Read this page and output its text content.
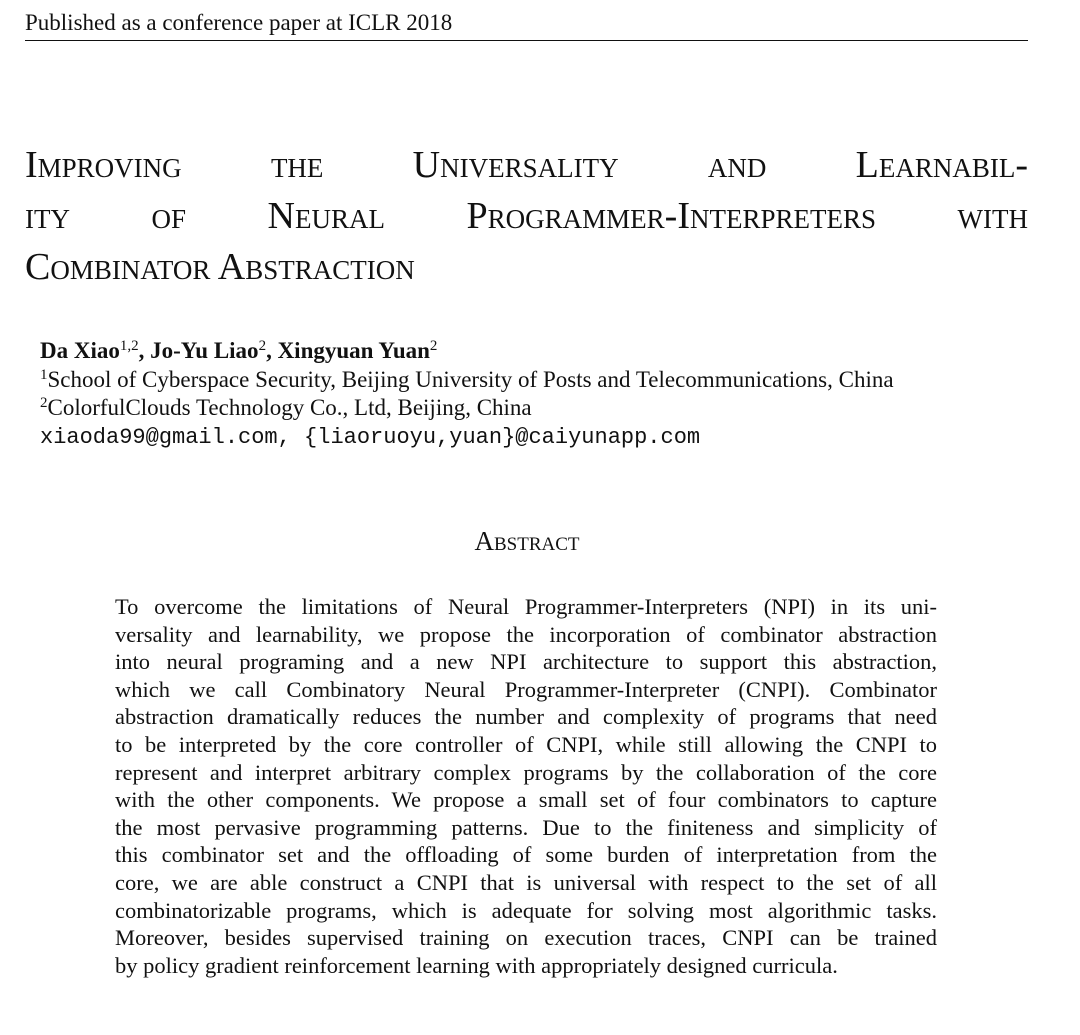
Published as a conference paper at ICLR 2018
Improving the Universality and Learnabil-
ity of Neural Programmer-Interpreters with
Combinator Abstraction
Da Xiao$^{1,2}$, Jo-Yu Liao$^2$, Xingyuan Yuan$^2$
$^1$School of Cyberspace Security, Beijing University of Posts and Telecommunications, China
$^2$ColorfulClouds Technology Co., Ltd, Beijing, China
xiaoda99@gmail.com, {liaoruoyu,yuan}@caiyunapp.com
Abstract
To overcome the limitations of Neural Programmer-Interpreters (NPI) in its uni-
versality and learnability, we propose the incorporation of combinator abstraction
into neural programing and a new NPI architecture to support this abstraction,
which we call Combinatory Neural Programmer-Interpreter (CNPI). Combinator
abstraction dramatically reduces the number and complexity of programs that need
to be interpreted by the core controller of CNPI, while still allowing the CNPI to
represent and interpret arbitrary complex programs by the collaboration of the core
with the other components. We propose a small set of four combinators to capture
the most pervasive programming patterns. Due to the finiteness and simplicity of
this combinator set and the offloading of some burden of interpretation from the
core, we are able construct a CNPI that is universal with respect to the set of all
combinatorizable programs, which is adequate for solving most algorithmic tasks.
Moreover, besides supervised training on execution traces, CNPI can be trained
by policy gradient reinforcement learning with appropriately designed curricula.
